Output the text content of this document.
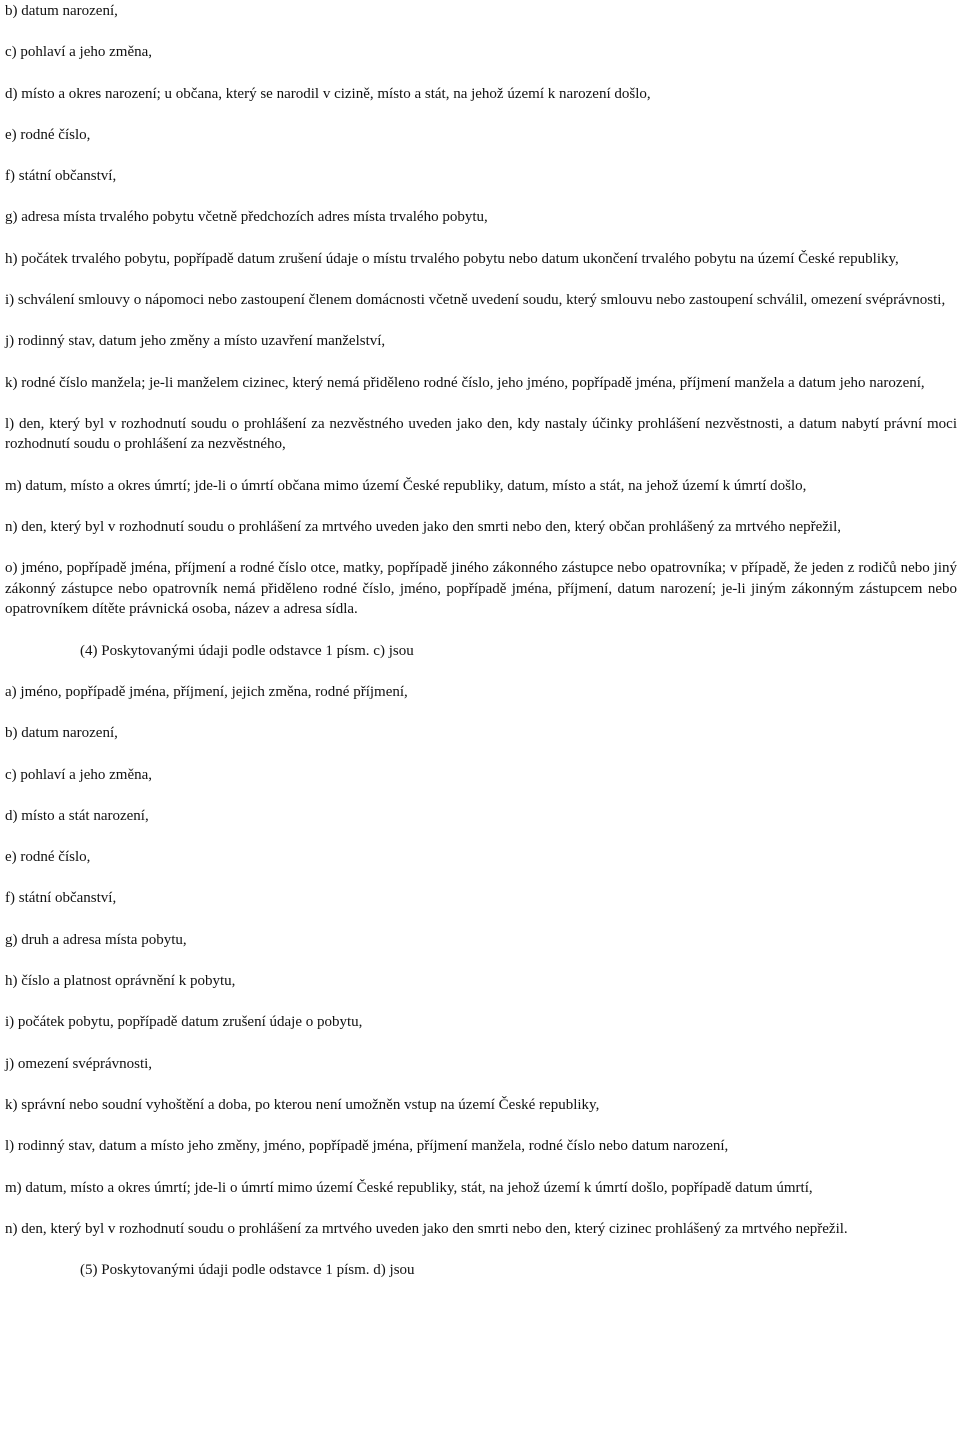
b) datum narození,

c) pohlaví a jeho změna,

d) místo a okres narození; u občana, který se narodil v cizině, místo a stát, na jehož území k narození došlo,

e) rodné číslo,

f) státní občanství,

g) adresa místa trvalého pobytu včetně předchozích adres místa trvalého pobytu,

h) počátek trvalého pobytu, popřípadě datum zrušení údaje o místu trvalého pobytu nebo datum ukončení trvalého pobytu na území České republiky,

i) schválení smlouvy o nápomoci nebo zastoupení členem domácnosti včetně uvedení soudu, který smlouvu nebo zastoupení schválil, omezení svéprávnosti,

j) rodinný stav, datum jeho změny a místo uzavření manželství,

k) rodné číslo manžela; je-li manželem cizinec, který nemá přiděleno rodné číslo, jeho jméno, popřípadě jména, příjmení manžela a datum jeho narození,

l) den, který byl v rozhodnutí soudu o prohlášení za nezvěstného uveden jako den, kdy nastaly účinky prohlášení nezvěstnosti, a datum nabytí právní moci rozhodnutí soudu o prohlášení za nezvěstného,

m) datum, místo a okres úmrtí; jde-li o úmrtí občana mimo území České republiky, datum, místo a stát, na jehož území k úmrtí došlo,

n) den, který byl v rozhodnutí soudu o prohlášení za mrtvého uveden jako den smrti nebo den, který občan prohlášený za mrtvého nepřežil,

o) jméno, popřípadě jména, příjmení a rodné číslo otce, matky, popřípadě jiného zákonného zástupce nebo opatrovníka; v případě, že jeden z rodičů nebo jiný zákonný zástupce nebo opatrovník nemá přiděleno rodné číslo, jméno, popřípadě jména, příjmení, datum narození; je-li jiným zákonným zástupcem nebo opatrovníkem dítěte právnická osoba, název a adresa sídla.

(4) Poskytovanými údaji podle odstavce 1 písm. c) jsou

a) jméno, popřípadě jména, příjmení, jejich změna, rodné příjmení,

b) datum narození,

c) pohlaví a jeho změna,

d) místo a stát narození,

e) rodné číslo,

f) státní občanství,

g) druh a adresa místa pobytu,

h) číslo a platnost oprávnění k pobytu,

i) počátek pobytu, popřípadě datum zrušení údaje o pobytu,

j) omezení svéprávnosti,

k) správní nebo soudní vyhoštění a doba, po kterou není umožněn vstup na území České republiky,

l) rodinný stav, datum a místo jeho změny, jméno, popřípadě jména, příjmení manžela, rodné číslo nebo datum narození,

m) datum, místo a okres úmrtí; jde-li o úmrtí mimo území České republiky, stát, na jehož území k úmrtí došlo, popřípadě datum úmrtí,

n) den, který byl v rozhodnutí soudu o prohlášení za mrtvého uveden jako den smrti nebo den, který cizinec prohlášený za mrtvého nepřežil.

(5) Poskytovanými údaji podle odstavce 1 písm. d) jsou
